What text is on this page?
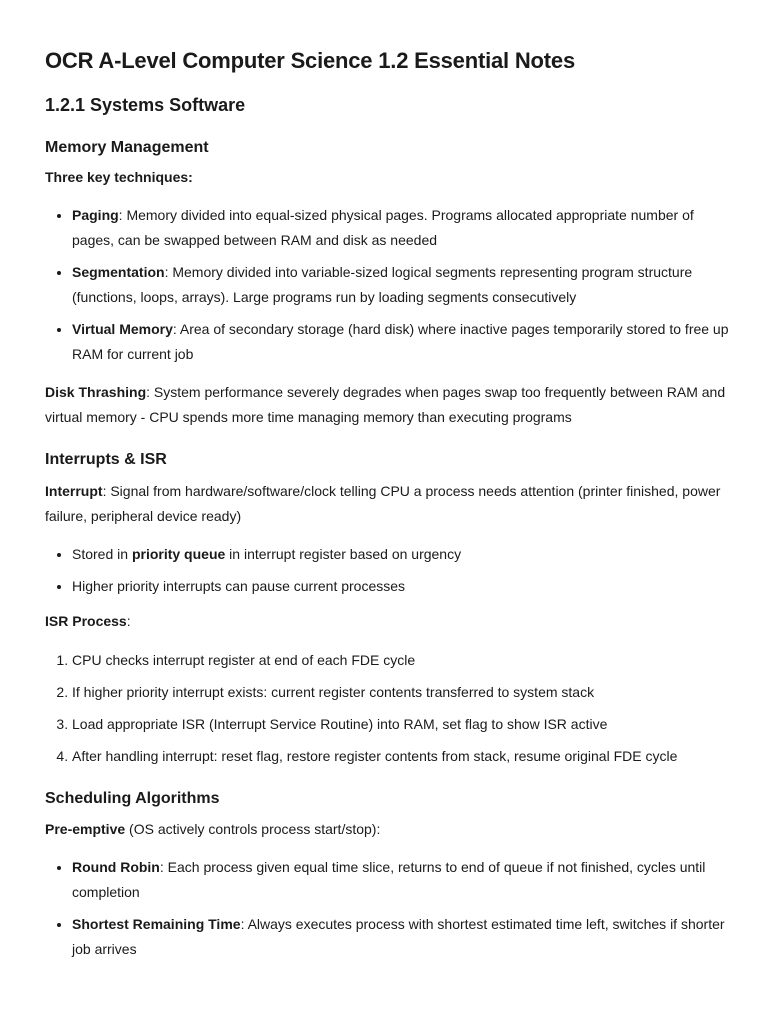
OCR A-Level Computer Science 1.2 Essential Notes
1.2.1 Systems Software
Memory Management

Three key techniques:

• Paging: Memory divided into equal-sized physical pages. Programs allocated appropriate number of pages, can be swapped between RAM and disk as needed
• Segmentation: Memory divided into variable-sized logical segments representing program structure (functions, loops, arrays). Large programs run by loading segments consecutively
• Virtual Memory: Area of secondary storage (hard disk) where inactive pages temporarily stored to free up RAM for current job

Disk Thrashing: System performance severely degrades when pages swap too frequently between RAM and virtual memory - CPU spends more time managing memory than executing programs

Interrupts & ISR

Interrupt: Signal from hardware/software/clock telling CPU a process needs attention (printer finished, power failure, peripheral device ready)

• Stored in priority queue in interrupt register based on urgency
• Higher priority interrupts can pause current processes

ISR Process:

1. CPU checks interrupt register at end of each FDE cycle
2. If higher priority interrupt exists: current register contents transferred to system stack
3. Load appropriate ISR (Interrupt Service Routine) into RAM, set flag to show ISR active
4. After handling interrupt: reset flag, restore register contents from stack, resume original FDE cycle
Scheduling Algorithms

Pre-emptive (OS actively controls process start/stop):

• Round Robin: Each process given equal time slice, returns to end of queue if not finished, cycles until completion
• Shortest Remaining Time: Always executes process with shortest estimated time left, switches if shorter job arrives
